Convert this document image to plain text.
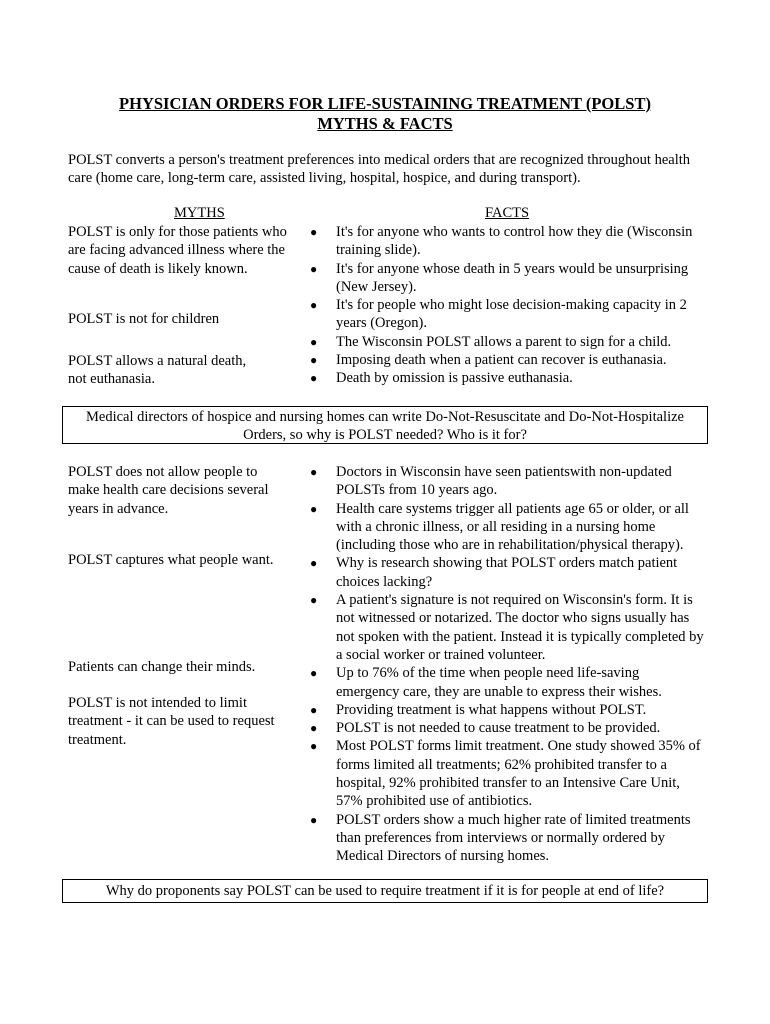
PHYSICIAN ORDERS FOR LIFE-SUSTAINING TREATMENT (POLST)
MYTHS & FACTS
POLST converts a person's treatment preferences into medical orders that are recognized throughout health care (home care, long-term care, assisted living, hospital, hospice, and during transport).
MYTHS	FACTS
POLST is only for those patients who are facing advanced illness where the cause of death is likely known.
POLST is not for children
POLST allows a natural death, not euthanasia.
● It's for anyone who wants to control how they die (Wisconsin training slide).
● It's for anyone whose death in 5 years would be unsurprising (New Jersey).
● It's for people who might lose decision-making capacity in 2 years (Oregon).
● The Wisconsin POLST allows a parent to sign for a child.
● Imposing death when a patient can recover is euthanasia.
● Death by omission is passive euthanasia.
Medical directors of hospice and nursing homes can write Do-Not-Resuscitate and Do-Not-Hospitalize Orders, so why is POLST needed? Who is it for?
POLST does not allow people to make health care decisions several years in advance.
POLST captures what people want.
Patients can change their minds.
POLST is not intended to limit treatment - it can be used to request treatment.
● Doctors in Wisconsin have seen patientswith non-updated POLSTs from 10 years ago.
● Health care systems trigger all patients age 65 or older, or all with a chronic illness, or all residing in a nursing home (including those who are in rehabilitation/physical therapy).
● Why is research showing that POLST orders match patient choices lacking?
● A patient's signature is not required on Wisconsin's form. It is not witnessed or notarized. The doctor who signs usually has not spoken with the patient. Instead it is typically completed by a social worker or trained volunteer.
● Up to 76% of the time when people need life-saving emergency care, they are unable to express their wishes.
● Providing treatment is what happens without POLST.
● POLST is not needed to cause treatment to be provided.
● Most POLST forms limit treatment. One study showed 35% of forms limited all treatments; 62% prohibited transfer to a hospital, 92% prohibited transfer to an Intensive Care Unit, 57% prohibited use of antibiotics.
● POLST orders show a much higher rate of limited treatments than preferences from interviews or normally ordered by Medical Directors of nursing homes.
Why do proponents say POLST can be used to require treatment if it is for people at end of life?
